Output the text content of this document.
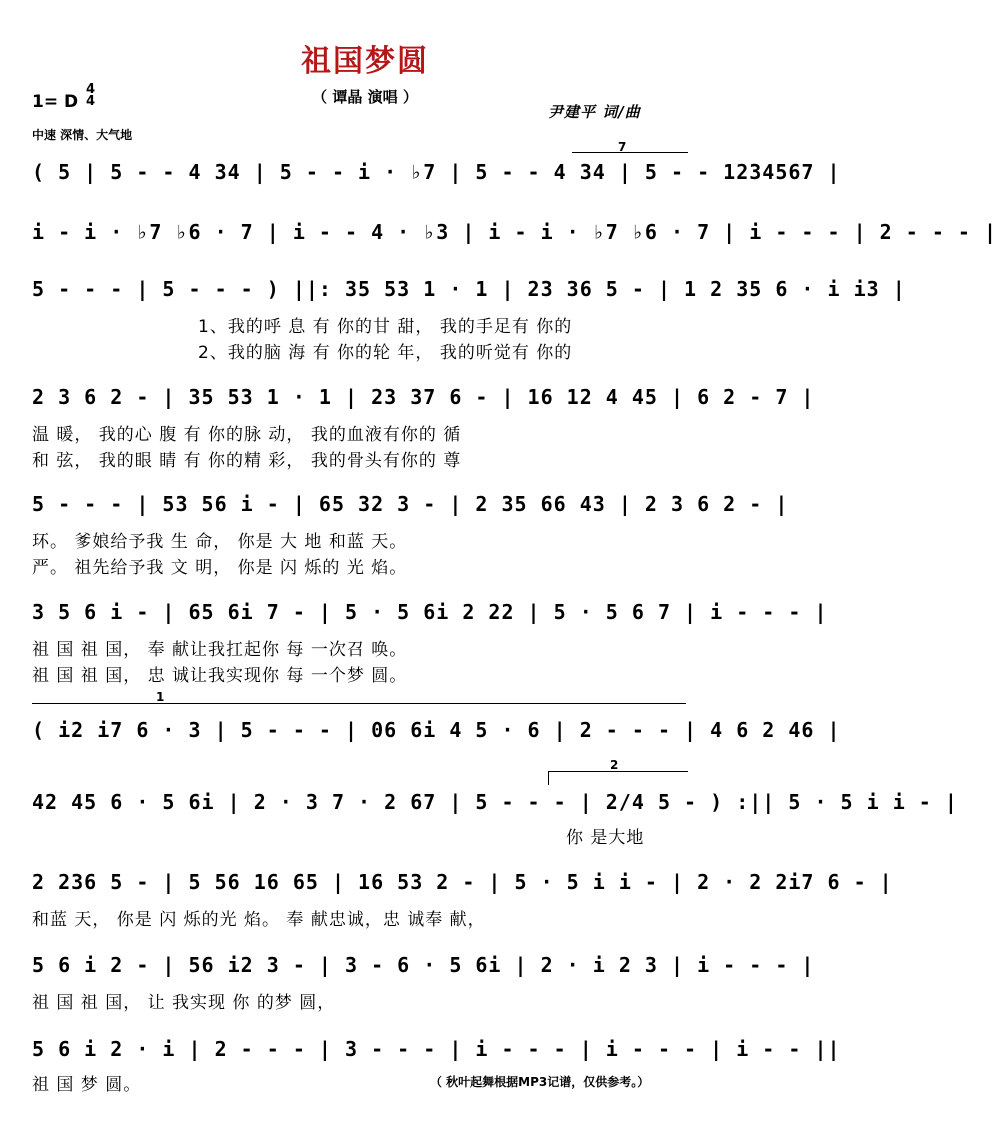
祖国梦圆
（ 谭晶 演唱 ）
1= D
4
4
中速 深情、大气地
尹建平 词/曲
7
( 5 | 5 - - 4 34 | 5 - - i · ♭7 | 5 - - 4 34 | 5 - - 1234567 |
i - i · ♭7 ♭6 · 7 | i - - 4 · ♭3 | i - i · ♭7 ♭6 · 7 | i - - - | 2 - - - |
5 - - - | 5 - - - ) ||: 35 53 1 · 1 | 23 36 5 - | 1 2 35 6 · i i3 |
1、我的呼 息 有 你的甘 甜， 我的手足有 你的
2、我的脑 海 有 你的轮 年， 我的听觉有 你的
2 3 6 2 - | 35 53 1 · 1 | 23 37 6 - | 16 12 4 45 | 6 2 - 7 |
温 暖， 我的心 腹 有 你的脉 动， 我的血液有你的 循
和 弦， 我的眼 睛 有 你的精 彩， 我的骨头有你的 尊
5 - - - | 53 56 i - | 65 32 3 - | 2 35 66 43 | 2 3 6 2 - |
环。 爹娘给予我 生 命， 你是 大 地 和蓝 天。
严。 祖先给予我 文 明， 你是 闪 烁的 光 焰。
3 5 6 i - | 65 6i 7 - | 5 · 5 6i 2 22 | 5 · 5 6 7 | i - - - |
祖 国 祖 国， 奉 献让我扛起你 每 一次召 唤。
祖 国 祖 国， 忠 诚让我实现你 每 一个梦 圆。
1
( i2 i7 6 · 3 | 5 - - - | 06 6i 4 5 · 6 | 2 - - - | 4 6 2 46 |
2
42 45 6 · 5 6i | 2 · 3 7 · 2 67 | 5 - - - | 2/4 5 - ) :|| 5 · 5 i i - |
你 是大地
2 236 5 - | 5 56 16 65 | 16 53 2 - | 5 · 5 i i - | 2 · 2 2i7 6 - |
和蓝 天， 你是 闪 烁的光 焰。 奉 献忠诚，忠 诚奉 献，
5 6 i 2 - | 56 i2 3 - | 3 - 6 · 5 6i | 2 · i 2 3 | i - - - |
祖 国 祖 国， 让 我实现 你 的梦 圆，
5 6 i 2 · i | 2 - - - | 3 - - - | i - - - | i - - - | i - - ||
祖 国 梦 圆。	（ 秋叶起舞根据MP3记谱，仅供参考。）
